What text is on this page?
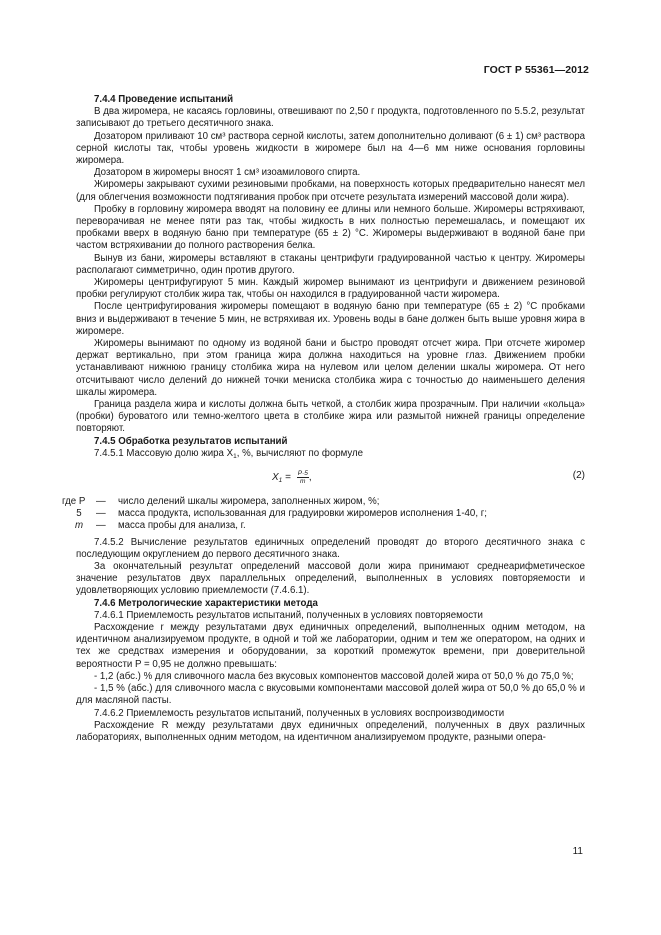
ГОСТ Р 55361—2012

7.4.4 Проведение испытаний

В два жиромера, не касаясь горловины, отвешивают по 2,50 г продукта, подготовленного по 5.5.2, результат записывают до третьего десятичного знака.

Дозатором приливают 10 см³ раствора серной кислоты, затем дополнительно доливают (6 ± 1) см³ раствора серной кислоты так, чтобы уровень жидкости в жиромере был на 4—6 мм ниже основания горловины жиромера.

Дозатором в жиромеры вносят 1 см³ изоамилового спирта.

Жиромеры закрывают сухими резиновыми пробками, на поверхность которых предварительно нанесят мел (для облегчения возможности подтягивания пробок при отсчете результата измерений массовой доли жира).

Пробку в горловину жиромера вводят на половину ее длины или немного больше. Жиромеры встряхивают, переворачивая не менее пяти раз так, чтобы жидкость в них полностью перемешалась, и помещают их пробками вверх в водяную баню при температуре (65 ± 2) °С. Жиромеры выдерживают в водяной бане при частом встряхивании до полного растворения белка.

Вынув из бани, жиромеры вставляют в стаканы центрифуги градуированной частью к центру. Жиромеры располагают симметрично, один против другого.

Жиромеры центрифугируют 5 мин. Каждый жиромер вынимают из центрифуги и движением резиновой пробки регулируют столбик жира так, чтобы он находился в градуированной части жиромера.

После центрифугирования жиромеры помещают в водяную баню при температуре (65 ± 2) °С пробками вниз и выдерживают в течение 5 мин, не встряхивая их. Уровень воды в бане должен быть выше уровня жира в жиромере.

Жиромеры вынимают по одному из водяной бани и быстро проводят отсчет жира. При отсчете жиромер держат вертикально, при этом граница жира должна находиться на уровне глаз. Движением пробки устанавливают нижнюю границу столбика жира на нулевом или целом делении шкалы жиромера. От него отсчитывают число делений до нижней точки мениска столбика жира с точностью до наименьшего деления шкалы жиромера.

Граница раздела жира и кислоты должна быть четкой, а столбик жира прозрачным. При наличии «кольца» (пробки) буроватого или темно-желтого цвета в столбике жира или размытой нижней границы определение повторяют.

7.4.5 Обработка результатов испытаний

7.4.5.1 Массовую долю жира $X_1$, %, вычисляют по формуле

$X_1 = \frac{P\cdot 5}{m}$ ,	(2)
где P	—	число делений шкалы жиромера, заполненных жиром, %;
5	—	масса продукта, использованная для градуировки жиромеров исполнения 1-40, г;
m	—	масса пробы для анализа, г.

7.4.5.2 Вычисление результатов единичных определений проводят до второго десятичного знака с последующим округлением до первого десятичного знака.

За окончательный результат определений массовой доли жира принимают среднеарифметическое значение результатов двух параллельных определений, выполненных в условиях повторяемости и удовлетворяющих условию приемлемости (7.4.6.1).

7.4.6 Метрологические характеристики метода

7.4.6.1 Приемлемость результатов испытаний, полученных в условиях повторяемости

Расхождение r между результатами двух единичных определений, выполненных одним методом, на идентичном анализируемом продукте, в одной и той же лаборатории, одним и тем же оператором, на одних и тех же средствах измерения и оборудовании, за короткий промежуток времени, при доверительной вероятности P = 0,95 не должно превышать:

- 1,2 (абс.) % для сливочного масла без вкусовых компонентов массовой долей жира от 50,0 % до 75,0 %;

- 1,5 % (абс.) для сливочного масла с вкусовыми компонентами массовой долей жира от 50,0 % до 65,0 % и для масляной пасты.

7.4.6.2 Приемлемость результатов испытаний, полученных в условиях воспроизводимости

Расхождение R между результатами двух единичных определений, полученных в двух различных лабораториях, выполненных одним методом, на идентичном анализируемом продукте, разными опера-

11
